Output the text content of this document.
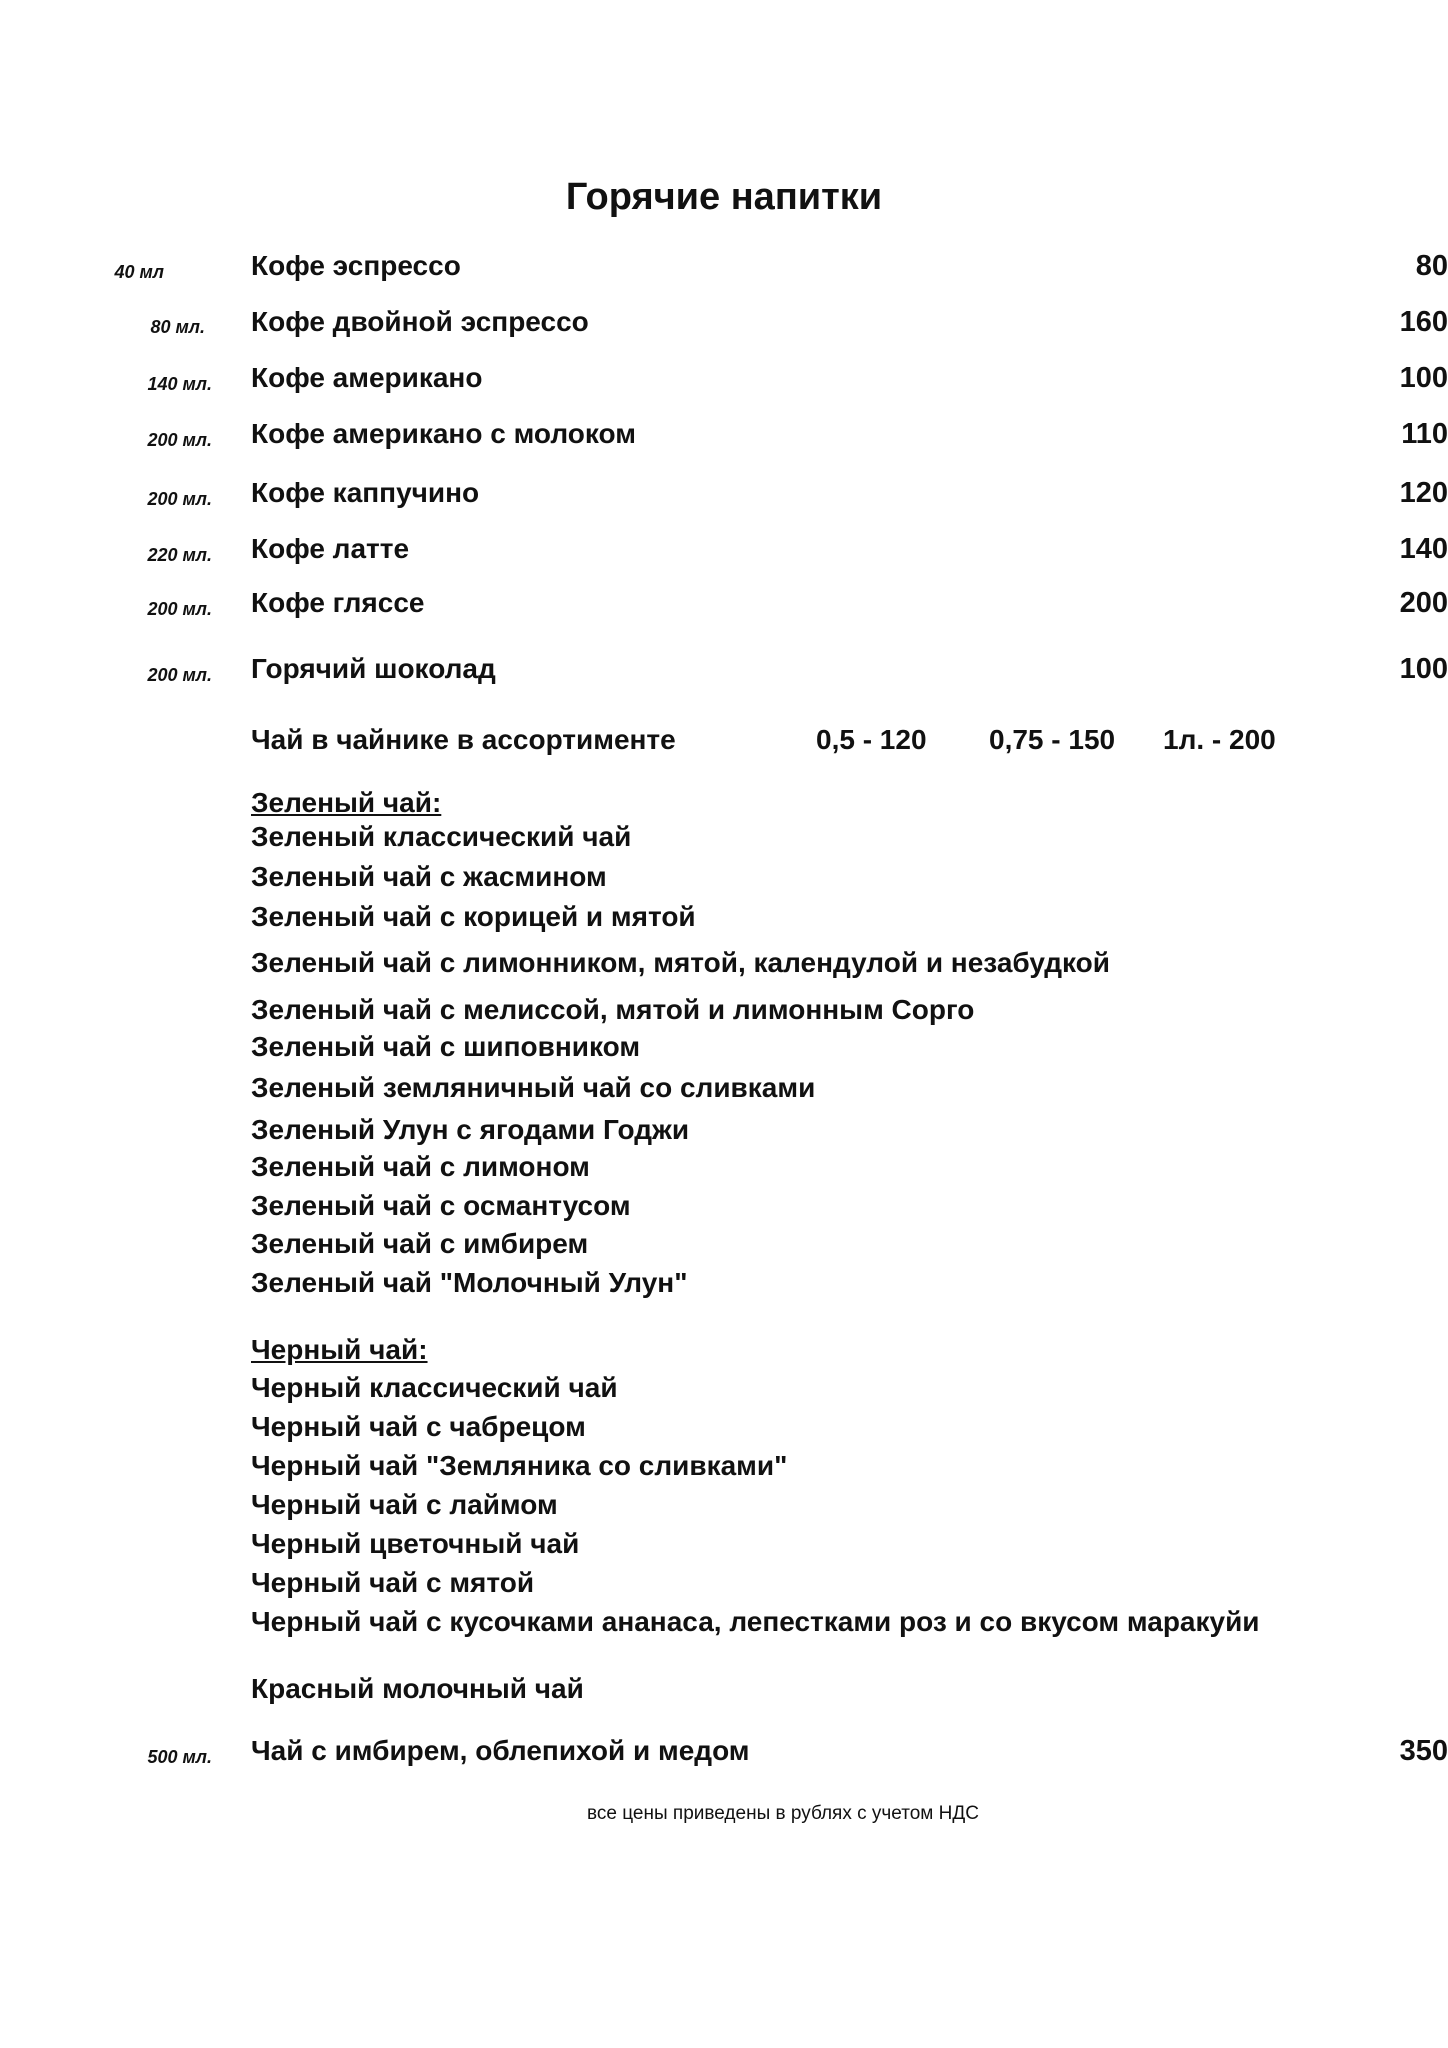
Горячие напитки
40 мл	Кофе эспрессо	80
80 мл. Кофе двойной эспрессо	160
140 мл. Кофе американо	100
200 мл. Кофе американо с молоком	110
200 мл. Кофе каппучино	120
220 мл. Кофе латте	140
200 мл. Кофе гляссе	200
200 мл. Горячий шоколад	100
Чай в чайнике в ассортименте	0,5 - 120 0,75 - 150 1л. - 200
Зеленый чай:
Зеленый классический чай
Зеленый чай с жасмином
Зеленый чай с корицей и мятой
Зеленый чай с лимонником, мятой, календулой и незабудкой
Зеленый чай с мелиссой, мятой и лимонным Сорго
Зеленый чай с шиповником
Зеленый земляничный чай со сливками
Зеленый Улун с ягодами Годжи
Зеленый чай с лимоном
Зеленый чай с османтусом
Зеленый чай с имбирем
Зеленый чай "Молочный Улун"
Черный чай:
Черный классический чай
Черный чай с чабрецом
Черный чай "Земляника со сливками"
Черный чай с лаймом
Черный цветочный чай
Черный чай с мятой
Черный чай с кусочками ананаса, лепестками роз и со вкусом маракуйи
Красный молочный чай
500 мл. Чай с имбирем, облепихой и медом	350
все цены приведены в рублях с учетом НДС
